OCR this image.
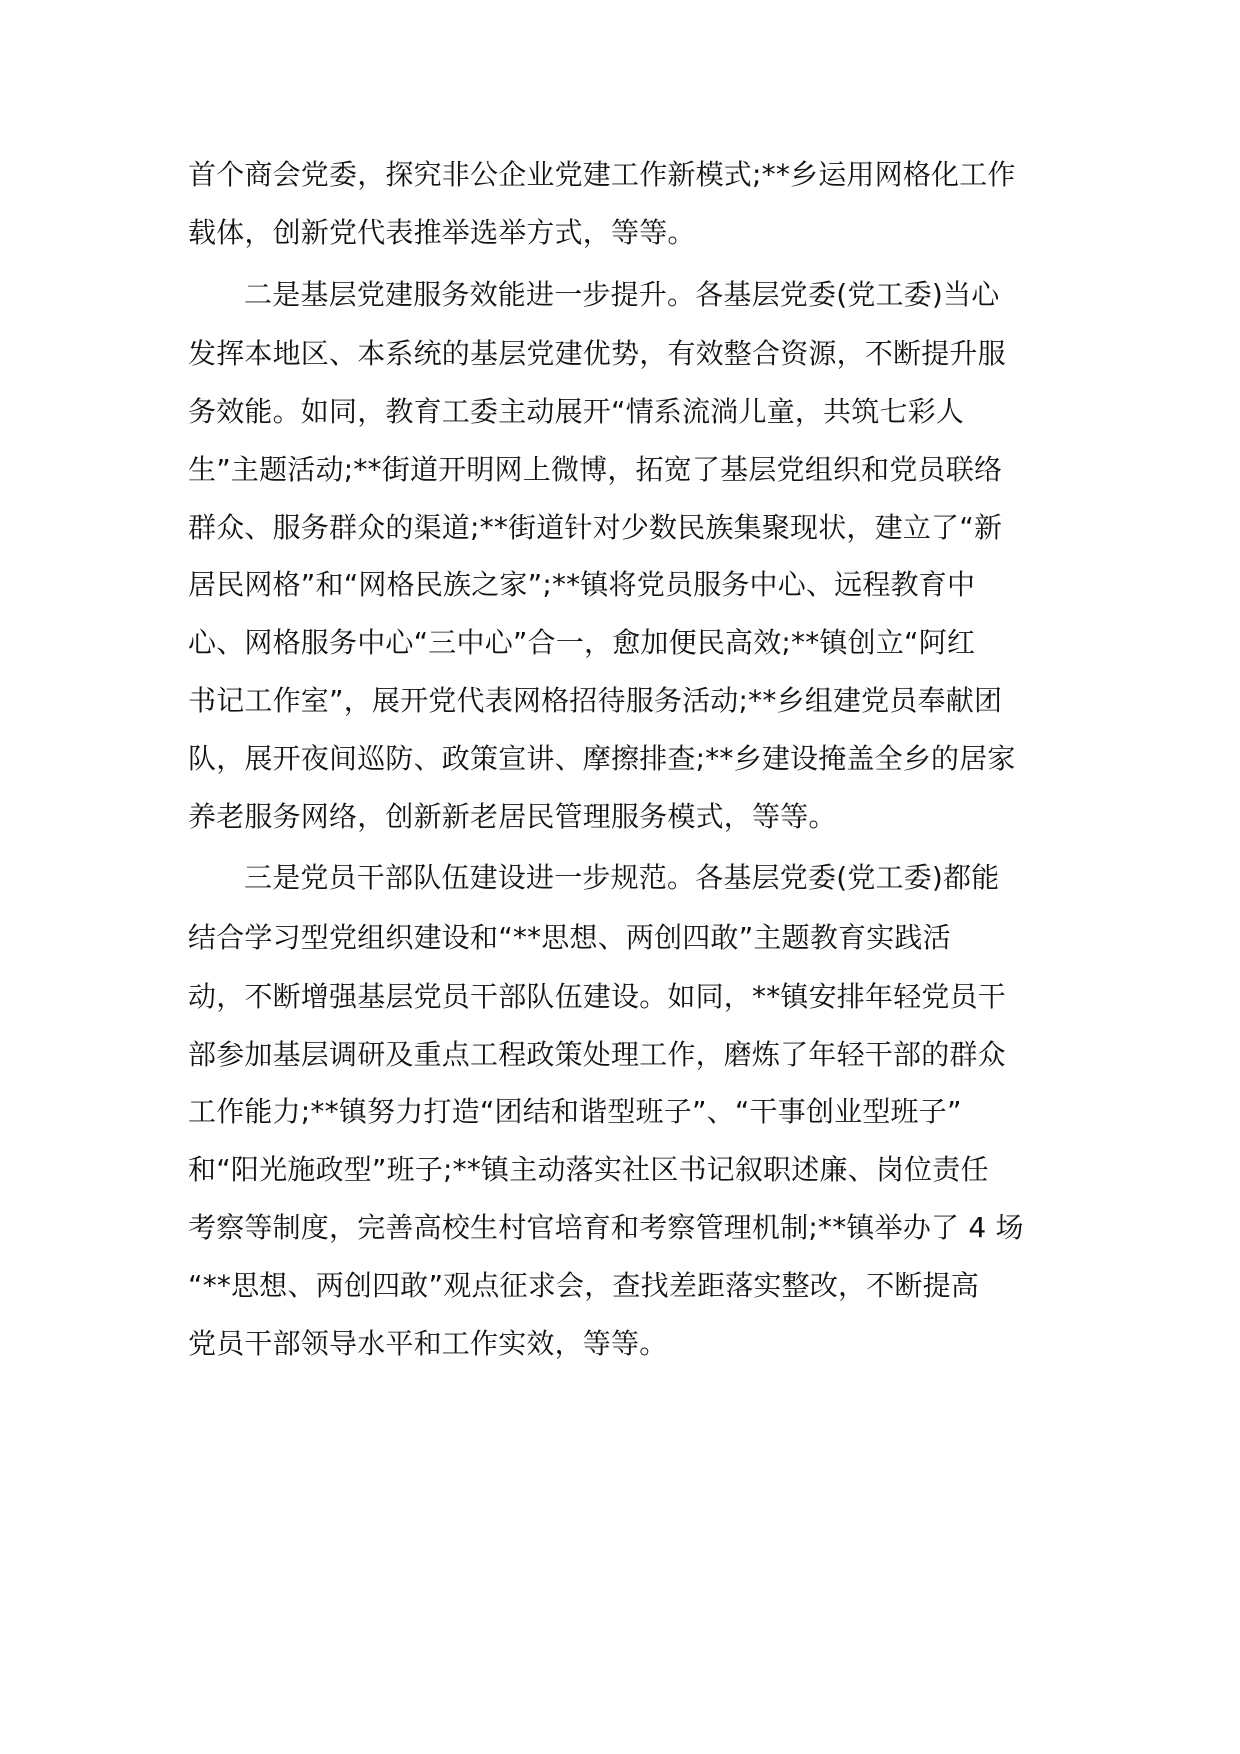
首个商会党委，探究非公企业党建工作新模式;**乡运用网格化工作
载体，创新党代表推举选举方式，等等。
二是基层党建服务效能进一步提升。各基层党委(党工委)当心
发挥本地区、本系统的基层党建优势，有效整合资源，不断提升服
务效能。如同，教育工委主动展开“情系流淌儿童，共筑七彩人
生”主题活动;**街道开明网上微博，拓宽了基层党组织和党员联络
群众、服务群众的渠道;**街道针对少数民族集聚现状，建立了“新
居民网格”和“网格民族之家”;**镇将党员服务中心、远程教育中
心、网格服务中心“三中心”合一，愈加便民高效;**镇创立“阿红
书记工作室”，展开党代表网格招待服务活动;**乡组建党员奉献团
队，展开夜间巡防、政策宣讲、摩擦排查;**乡建设掩盖全乡的居家
养老服务网络，创新新老居民管理服务模式，等等。
三是党员干部队伍建设进一步规范。各基层党委(党工委)都能
结合学习型党组织建设和“**思想、两创四敢”主题教育实践活
动，不断增强基层党员干部队伍建设。如同，**镇安排年轻党员干
部参加基层调研及重点工程政策处理工作，磨炼了年轻干部的群众
工作能力;**镇努力打造“团结和谐型班子”、“干事创业型班子”
和“阳光施政型”班子;**镇主动落实社区书记叙职述廉、岗位责任
考察等制度，完善高校生村官培育和考察管理机制;**镇举办了 4 场
“**思想、两创四敢”观点征求会，查找差距落实整改，不断提高
党员干部领导水平和工作实效，等等。
